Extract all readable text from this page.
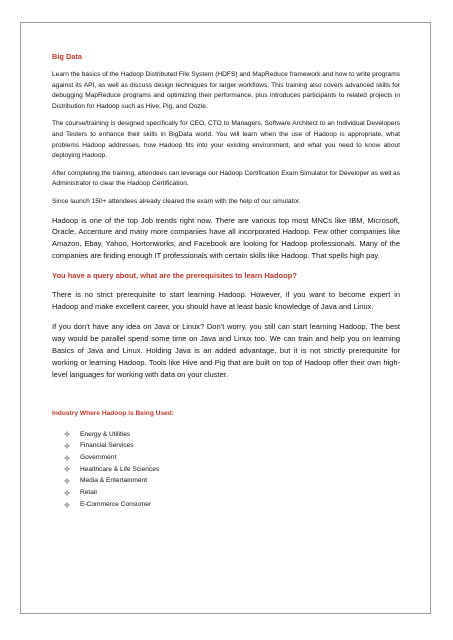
Big Data

Learn the basics of the Hadoop Distributed File System (HDFS) and MapReduce framework and how to write programs against its API, as well as discuss design techniques for larger workflows. This training also covers advanced skills for debugging MapReduce programs and optimizing their performance, plus introduces participants to related projects in Distribution for Hadoop such as Hive, Pig, and Oozie.

The course/training is designed specifically for CEO, CTO to Managers, Software Architect to an Individual Developers and Testers to enhance their skills in BigData world. You will learn when the use of Hadoop is appropriate, what problems Hadoop addresses, how Hadoop fits into your existing environment, and what you need to know about deploying Hadoop.

After completing the training, attendees can leverage our Hadoop Certification Exam Simulator for Developer as well as Administrator to clear the Hadoop Certification.

Since launch 150+ attendees already cleared the exam with the help of our simulator.

Hadoop is one of the top Job trends right now. There are various top most MNCs like IBM, Microsoft, Oracle, Accenture and many more companies have all incorporated Hadoop. Few other companies like Amazon, Ebay, Yahoo, Hortonworks, and Facebook are looking for Hadoop professionals. Many of the companies are finding enough IT professionals with certain skills like Hadoop. That spells high pay.

You have a query about, what are the prerequisites to learn Hadoop?

There is no strict prerequisite to start learning Hadoop. However, if you want to become expert in Hadoop and make excellent career, you should have at least basic knowledge of Java and Linux.

If you don’t have any idea on Java or Linux? Don’t worry, you still can start learning Hadoop. The best way would be parallel spend some time on Java and Linux too. We can train and help you on learning Basics of Java and Linux. Holding Java is an added advantage, but it is not strictly prerequisite for working or learning Hadoop. Tools like Hive and Pig that are built on top of Hadoop offer their own high-level languages for working with data on your cluster.

Industry Where Hadoop is Being Used:
Energy & Utilities
Financial Services
Government
Healthcare & Life Sciences
Media & Entertainment
Retail
E-Commerce Consumer
